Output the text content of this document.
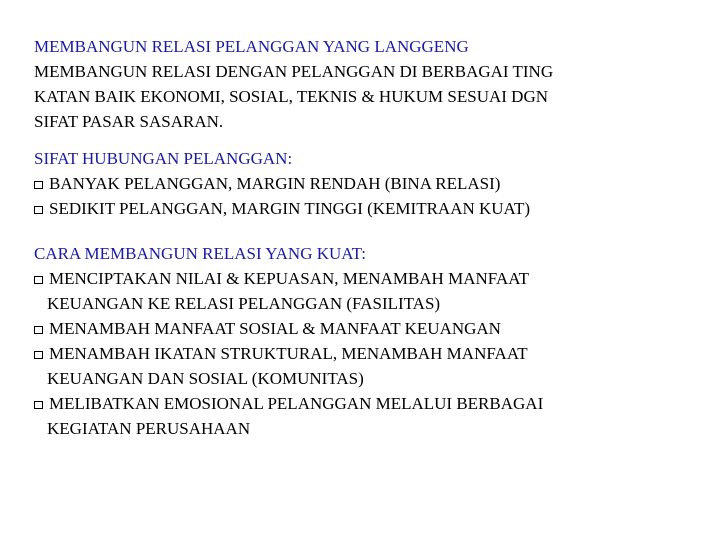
MEMBANGUN RELASI PELANGGAN YANG LANGGENG
MEMBANGUN RELASI DENGAN PELANGGAN DI BERBAGAI TING
KATAN BAIK EKONOMI, SOSIAL, TEKNIS & HUKUM SESUAI DGN
SIFAT PASAR SASARAN.
SIFAT HUBUNGAN PELANGGAN:
BANYAK PELANGGAN, MARGIN RENDAH (BINA RELASI)
SEDIKIT PELANGGAN, MARGIN TINGGI (KEMITRAAN KUAT)
CARA MEMBANGUN RELASI YANG KUAT:
MENCIPTAKAN NILAI & KEPUASAN, MENAMBAH MANFAAT
KEUANGAN KE RELASI PELANGGAN (FASILITAS)
MENAMBAH MANFAAT SOSIAL & MANFAAT KEUANGAN
MENAMBAH IKATAN STRUKTURAL, MENAMBAH MANFAAT
KEUANGAN DAN SOSIAL (KOMUNITAS)
MELIBATKAN EMOSIONAL PELANGGAN MELALUI BERBAGAI
KEGIATAN PERUSAHAAN
